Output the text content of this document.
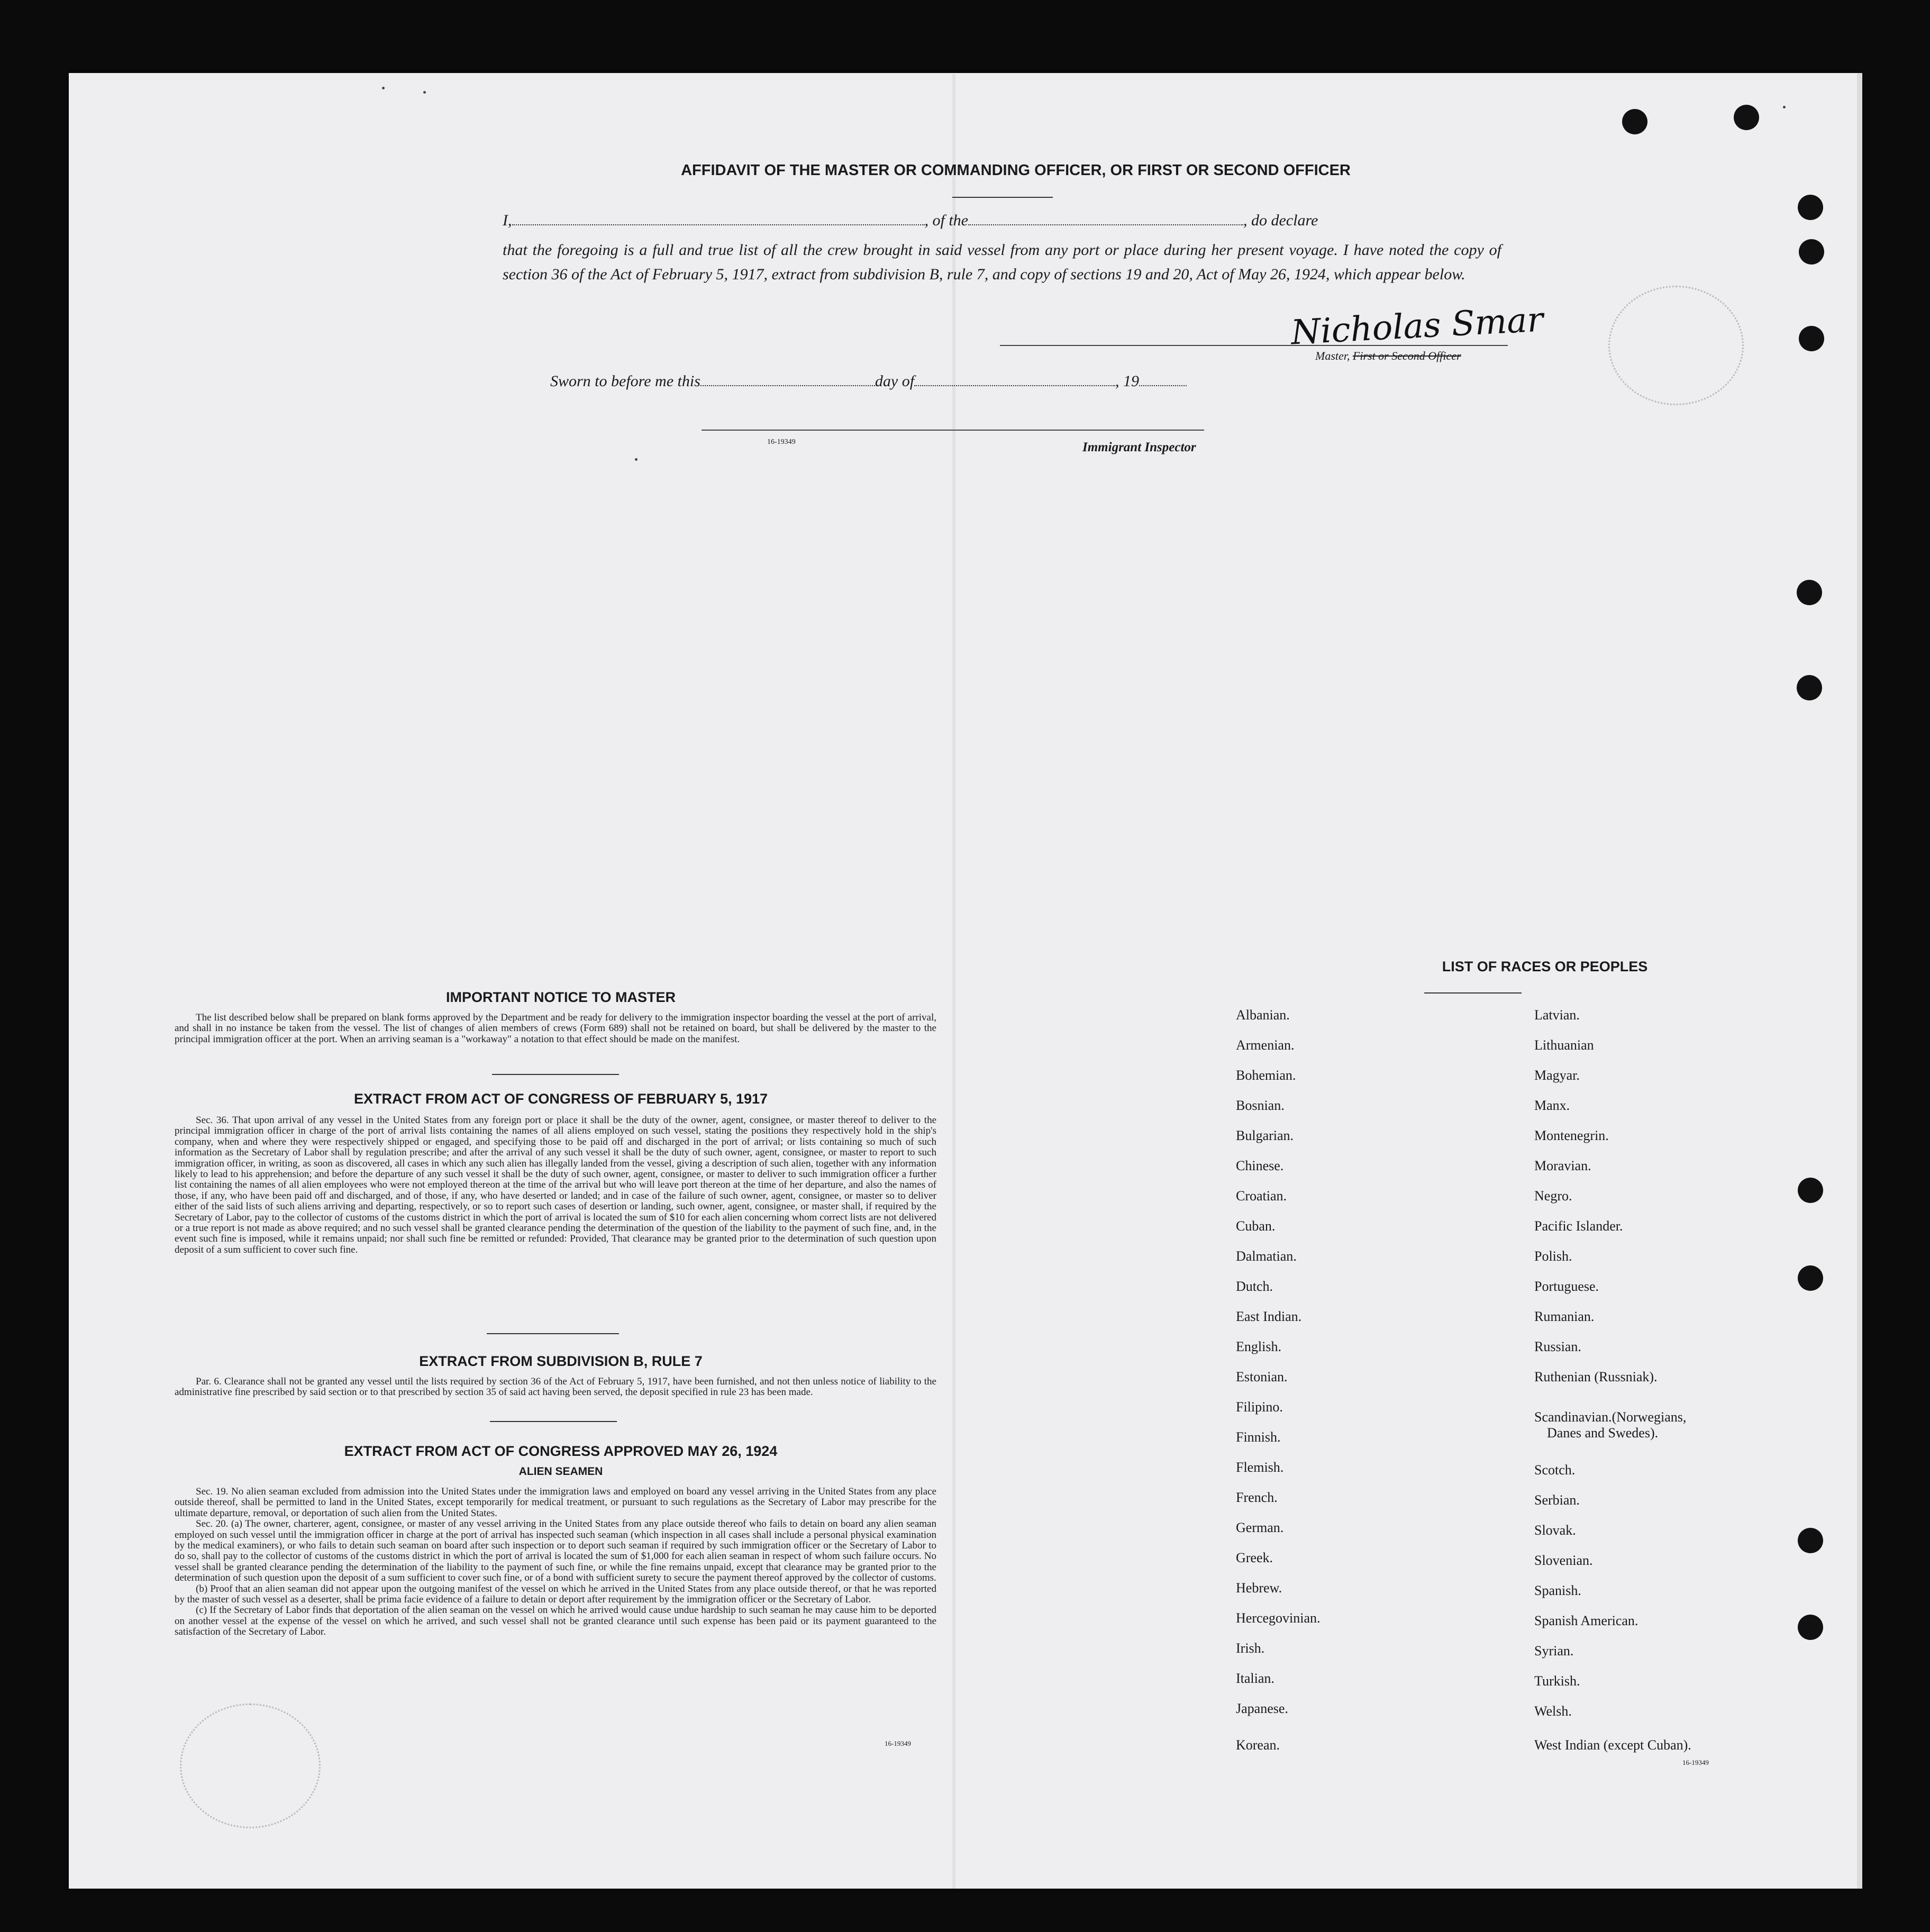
AFFIDAVIT OF THE MASTER OR COMMANDING OFFICER, OR FIRST OR SECOND OFFICER
I,	, of the	, do declare
that the foregoing is a full and true list of all the crew brought in said vessel from any port or place during her present voyage. I have noted the copy of section 36 of the Act of February 5, 1917, extract from subdivision B, rule 7, and copy of sections 19 and 20, Act of May 26, 1924, which appear below.
Nicholas Smar
Master, First or Second Officer
Sworn to before me this	day of	, 19
16-19349	Immigrant Inspector
IMPORTANT NOTICE TO MASTER

The list described below shall be prepared on blank forms approved by the Department and be ready for delivery to the immigration inspector boarding the vessel at the port of arrival, and shall in no instance be taken from the vessel. The list of changes of alien members of crews (Form 689) shall not be retained on board, but shall be delivered by the master to the principal immigration officer at the port. When an arriving seaman is a "workaway" a notation to that effect should be made on the manifest.

EXTRACT FROM ACT OF CONGRESS OF FEBRUARY 5, 1917

Sec. 36. That upon arrival of any vessel in the United States from any foreign port or place it shall be the duty of the owner, agent, consignee, or master thereof to deliver to the principal immigration officer in charge of the port of arrival lists containing the names of all aliens employed on such vessel, stating the positions they respectively hold in the ship's company, when and where they were respectively shipped or engaged, and specifying those to be paid off and discharged in the port of arrival; or lists containing so much of such information as the Secretary of Labor shall by regulation prescribe; and after the arrival of any such vessel it shall be the duty of such owner, agent, consignee, or master to report to such immigration officer, in writing, as soon as discovered, all cases in which any such alien has illegally landed from the vessel, giving a description of such alien, together with any information likely to lead to his apprehension; and before the departure of any such vessel it shall be the duty of such owner, agent, consignee, or master to deliver to such immigration officer a further list containing the names of all alien employees who were not employed thereon at the time of the arrival but who will leave port thereon at the time of her departure, and also the names of those, if any, who have been paid off and discharged, and of those, if any, who have deserted or landed; and in case of the failure of such owner, agent, consignee, or master so to deliver either of the said lists of such aliens arriving and departing, respectively, or so to report such cases of desertion or landing, such owner, agent, consignee, or master shall, if required by the Secretary of Labor, pay to the collector of customs of the customs district in which the port of arrival is located the sum of $10 for each alien concerning whom correct lists are not delivered or a true report is not made as above required; and no such vessel shall be granted clearance pending the determination of the question of the liability to the payment of such fine, and, in the event such fine is imposed, while it remains unpaid; nor shall such fine be remitted or refunded: Provided, That clearance may be granted prior to the determination of such question upon deposit of a sum sufficient to cover such fine.

EXTRACT FROM SUBDIVISION B, RULE 7

Par. 6. Clearance shall not be granted any vessel until the lists required by section 36 of the Act of February 5, 1917, have been furnished, and not then unless notice of liability to the administrative fine prescribed by said section or to that prescribed by section 35 of said act having been served, the deposit specified in rule 23 has been made.

EXTRACT FROM ACT OF CONGRESS APPROVED MAY 26, 1924
ALIEN SEAMEN

Sec. 19. No alien seaman excluded from admission into the United States under the immigration laws and employed on board any vessel arriving in the United States from any place outside thereof, shall be permitted to land in the United States, except temporarily for medical treatment, or pursuant to such regulations as the Secretary of Labor may prescribe for the ultimate departure, removal, or deportation of such alien from the United States.

Sec. 20. (a) The owner, charterer, agent, consignee, or master of any vessel arriving in the United States from any place outside thereof who fails to detain on board any alien seaman employed on such vessel until the immigration officer in charge at the port of arrival has inspected such seaman (which inspection in all cases shall include a personal physical examination by the medical examiners), or who fails to detain such seaman on board after such inspection or to deport such seaman if required by such immigration officer or the Secretary of Labor to do so, shall pay to the collector of customs of the customs district in which the port of arrival is located the sum of $1,000 for each alien seaman in respect of whom such failure occurs. No vessel shall be granted clearance pending the determination of the liability to the payment of such fine, or while the fine remains unpaid, except that clearance may be granted prior to the determination of such question upon the deposit of a sum sufficient to cover such fine, or of a bond with sufficient surety to secure the payment thereof approved by the collector of customs.

(b) Proof that an alien seaman did not appear upon the outgoing manifest of the vessel on which he arrived in the United States from any place outside thereof, or that he was reported by the master of such vessel as a deserter, shall be prima facie evidence of a failure to detain or deport after requirement by the immigration officer or the Secretary of Labor.

(c) If the Secretary of Labor finds that deportation of the alien seaman on the vessel on which he arrived would cause undue hardship to such seaman he may cause him to be deported on another vessel at the expense of the vessel on which he arrived, and such vessel shall not be granted clearance until such expense has been paid or its payment guaranteed to the satisfaction of the Secretary of Labor.

16-19349
LIST OF RACES OR PEOPLES
Albanian.
Armenian.
Bohemian.
Bosnian.
Bulgarian.
Chinese.
Croatian.
Cuban.
Dalmatian.
Dutch.
East Indian.
English.
Estonian.
Filipino.
Finnish.
Flemish.
French.
German.
Greek.
Hebrew.
Hercegovinian.
Irish.
Italian.
Japanese.
Korean.
Latvian.
Lithuanian
Magyar.
Manx.
Montenegrin.
Moravian.
Negro.
Pacific Islander.
Polish.
Portuguese.
Rumanian.
Russian.
Ruthenian (Russniak).
Scandinavian.(Norwegians,
Danes and Swedes).
Scotch.
Serbian.
Slovak.
Slovenian.
Spanish.
Spanish American.
Syrian.
Turkish.
Welsh.
West Indian (except Cuban).
16-19349
